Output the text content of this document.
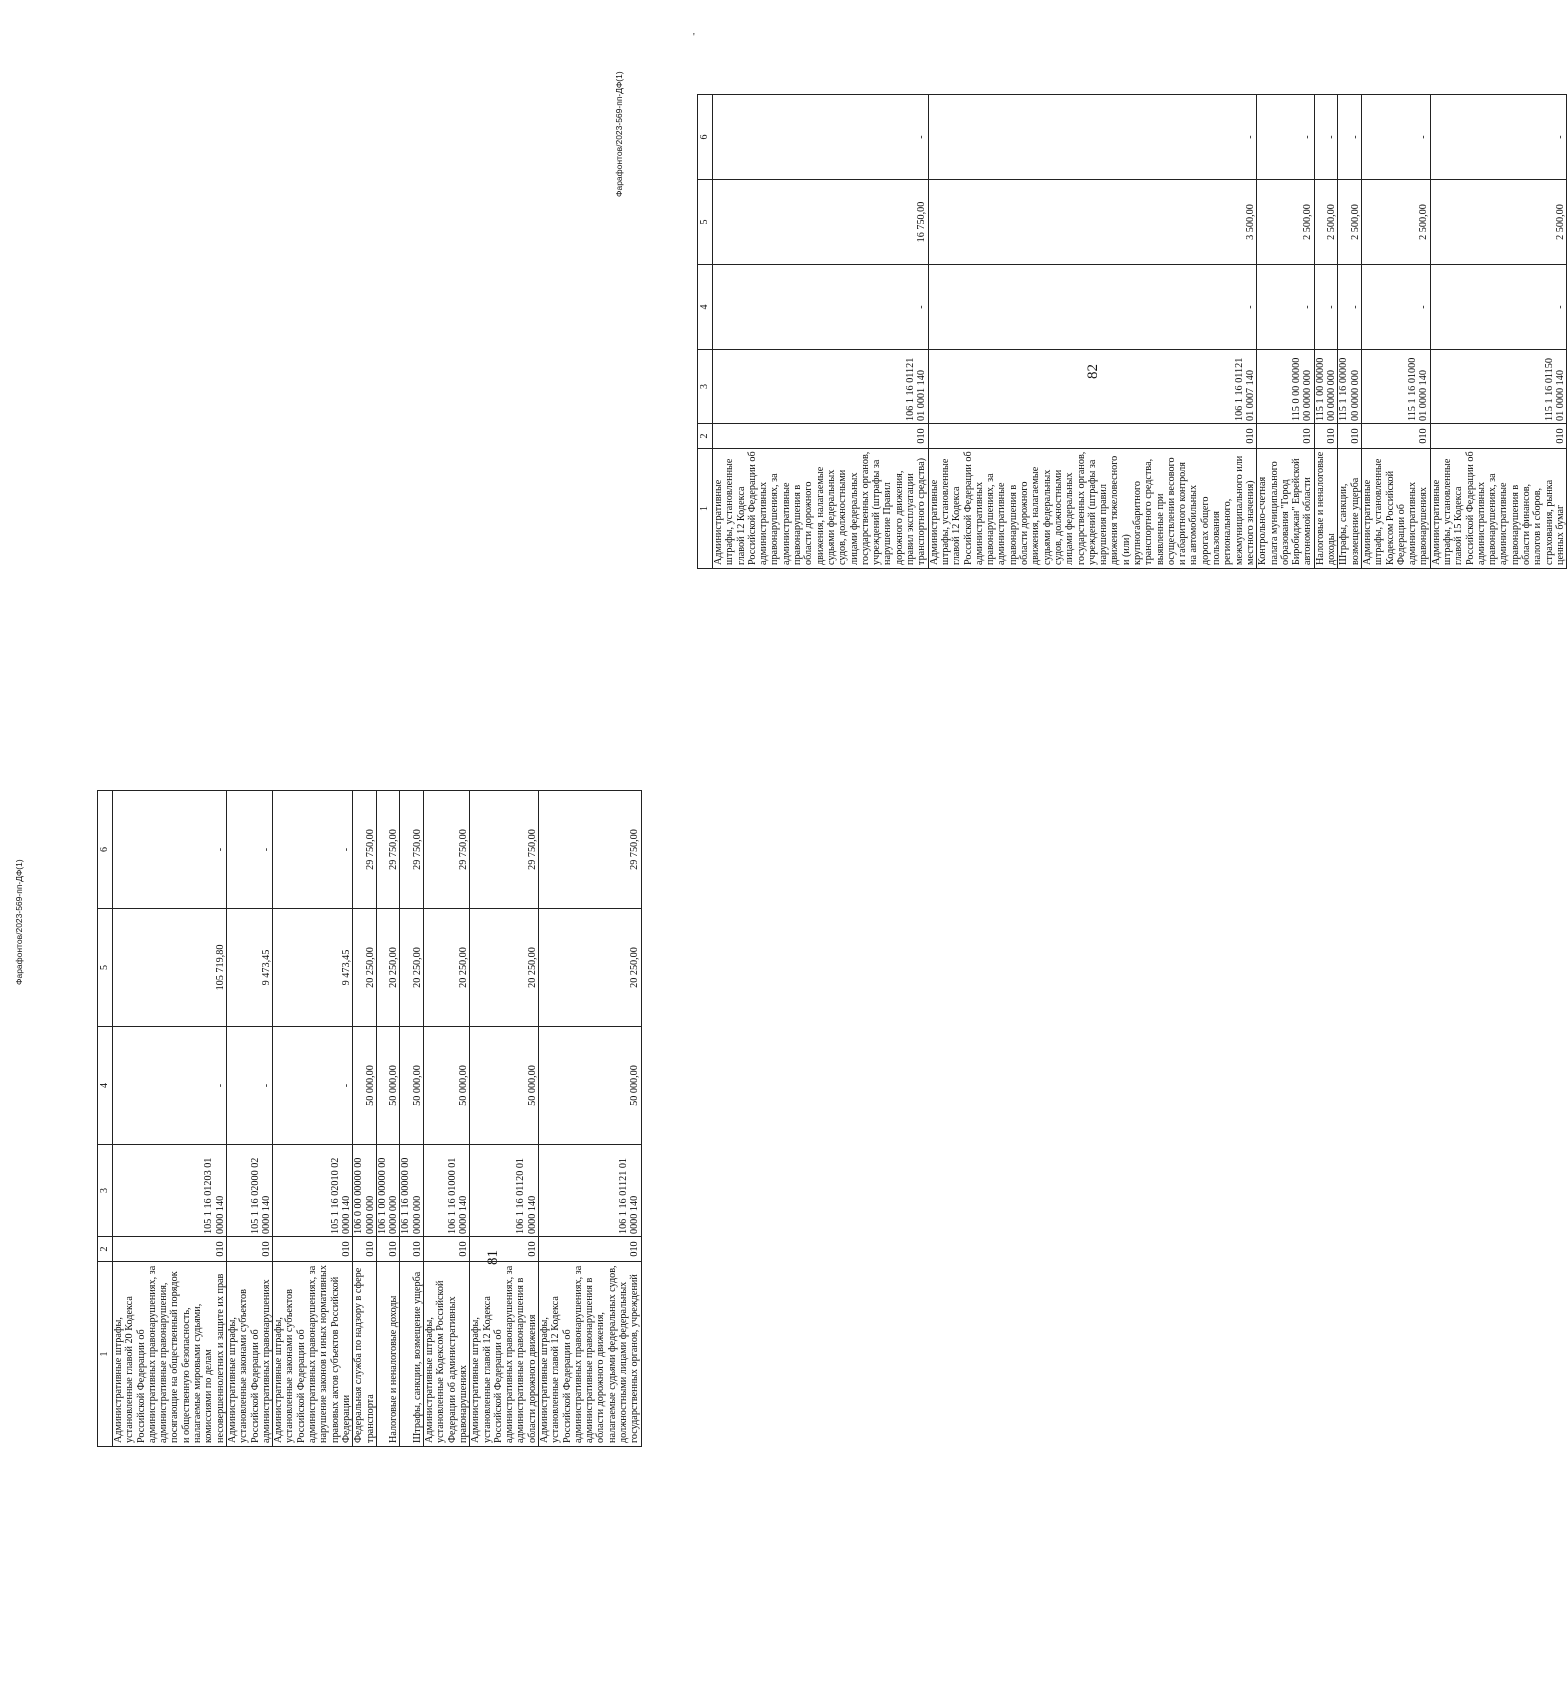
81
1	2	3	4	5	6
Административные штрафы, установленные главой 20 Кодекса Российской Федерации об административных правонарушениях, за административные правонарушения, посягающие на общественный порядок и общественную безопасность, налагаемые мировыми судьями, комиссиями по делам несовершеннолетних и защите их прав	010	105 1 16 01203 01 0000 140	-	105 719,80	-
Административные штрафы, установленные законами субъектов Российской Федерации об административных правонарушениях	010	105 1 16 02000 02 0000 140	-	9 473,45	-
Административные штрафы, установленные законами субъектов Российской Федерации об административных правонарушениях, за нарушение законов и иных нормативных правовых актов субъектов Российской Федерации	010	105 1 16 02010 02 0000 140	-	9 473,45	-
Федеральная служба по надзору в сфере транспорта	010	106 0 00 00000 00 0000 000	50 000,00	20 250,00	29 750,00
Налоговые и неналоговые доходы	010	106 1 00 00000 00 0000 000	50 000,00	20 250,00	29 750,00
Штрафы, санкции, возмещение ущерба	010	106 1 16 00000 00 0000 000	50 000,00	20 250,00	29 750,00
Административные штрафы, установленные Кодексом Российской Федерации об административных правонарушениях	010	106 1 16 01000 01 0000 140	50 000,00	20 250,00	29 750,00
Административные штрафы, установленные главой 12 Кодекса Российской Федерации об административных правонарушениях, за административные правонарушения в области дорожного движения	010	106 1 16 01120 01 0000 140	50 000,00	20 250,00	29 750,00
Административные штрафы, установленные главой 12 Кодекса Российской Федерации об административных правонарушениях, за административные правонарушения в области дорожного движения, налагаемые судьями федеральных судов, должностными лицами федеральных государственных органов, учреждений	010	106 1 16 01121 01 0000 140	50 000,00	20 250,00	29 750,00
Фарафонтов/2023-569-пп-ДФ(1)
82
1	2	3	4	5	6
Административные штрафы, установленные главой 12 Кодекса Российской Федерации об административных правонарушениях, за административные правонарушения в области дорожного движения, налагаемые судьями федеральных судов, должностными лицами федеральных государственных органов, учреждений (штрафы за нарушение Правил дорожного движения, правил эксплуатации транспортного средства)	010	106 1 16 01121 01 0001 140	-	16 750,00	-
Административные штрафы, установленные главой 12 Кодекса Российской Федерации об административных правонарушениях, за административные правонарушения в области дорожного движения, налагаемые судьями федеральных судов, должностными лицами федеральных государственных органов, учреждений (штрафы за нарушения правил движения тяжеловесного и (или) крупногабаритного транспортного средства, выявленные при осуществлении весового и габаритного контроля на автомобильных дорогах общего пользования регионального, межмуниципального или местного значения)	010	106 1 16 01121 01 0007 140	-	3 500,00	-
Контрольно-счетная палата муниципального образования "Город Биробиджан" Еврейской автономной области	010	115 0 00 00000 00 0000 000	-	2 500,00	-
Налоговые и неналоговые доходы	010	115 1 00 00000 00 0000 000	-	2 500,00	-
Штрафы, санкции, возмещение ущерба	010	115 1 16 00000 00 0000 000	-	2 500,00	-
Административные штрафы, установленные Кодексом Российской Федерации об административных правонарушениях	010	115 1 16 01000 01 0000 140	-	2 500,00	-
Административные штрафы, установленные главой 15 Кодекса Российской Федерации об административных правонарушениях, за административные правонарушения в области финансов, налогов и сборов, страхования, рынка ценных бумаг	010	115 1 16 01150 01 0000 140	-	2 500,00	-
Фарафонтов/2023-569-пп-ДФ(1)
'
